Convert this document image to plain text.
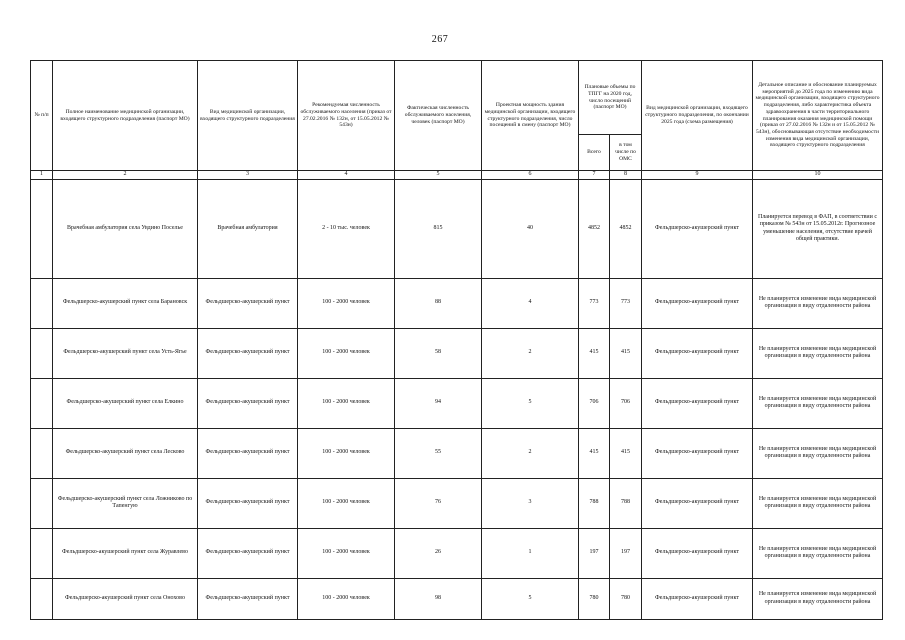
267
№ п/п	Полное наименование медицинской организации, входящего структурного подразделения (паспорт МО)	Вид медицинской организации, входящего структурного подразделения	Рекомендуемая численность обслуживаемого населения (приказ от 27.02.2016 № 132н, от 15.05.2012 № 543н)	Фактическая численность обслуживаемого населения, человек (паспорт МО)	Проектная мощность здания медицинской организации, входящего структурного подразделения, число посещений в смену (паспорт МО)	Плановые объемы по ТПГГ на 2020 год, число посещений (паспорт МО)		Вид медицинской организации, входящего структурного подразделения, по окончании 2025 года (схема размещения)	Детальное описание и обоснование планируемых мероприятий до 2025 года по изменению вида медицинской организации, входящего структурного подразделения, либо характеристика объекта здравоохранения в части территориального планирования оказания медицинской помощи (приказ от 27.02.2016 № 132н и от 15.05.2012 № 543н), обосновывающая отсутствие необходимости изменения вида медицинской организации, входящего структурного подразделения
						Всего	в том числе по ОМС		
1	2	3	4	5	6	7	8	9	10
	Врачебная амбулатория села Увдино Поселье	Врачебная амбулатория	2 - 10 тыс. человек	815	40	4852	4852	Фельдшерско-акушерский пункт	Планируется перевод в ФАП, в соответствии с приказом № 543н от 15.05.2012г. Прогнозное уменьшение населения, отсутствие врачей общей практики.
	Фельдшерско-акушерский пункт села Барановск	Фельдшерско-акушерский пункт	100 - 2000 человек	88	4	773	773	Фельдшерско-акушерский пункт	Не планируется изменение вида медицинской организации в виду отдаленности района
	Фельдшерско-акушерский пункт села Усть-Ягье	Фельдшерско-акушерский пункт	100 - 2000 человек	58	2	415	415	Фельдшерско-акушерский пункт	Не планируется изменение вида медицинской организации в виду отдаленности района
	Фельдшерско-акушерский пункт села Елкино	Фельдшерско-акушерский пункт	100 - 2000 человек	94	5	706	706	Фельдшерско-акушерский пункт	Не планируется изменение вида медицинской организации в виду отдаленности района
	Фельдшерско-акушерский пункт села Лесково	Фельдшерско-акушерский пункт	100 - 2000 человек	55	2	415	415	Фельдшерско-акушерский пункт	Не планируется изменение вида медицинской организации в виду отдаленности района
	Фельдшерско-акушерский пункт села Ложниково по Тапенгую	Фельдшерско-акушерский пункт	100 - 2000 человек	76	3	788	788	Фельдшерско-акушерский пункт	Не планируется изменение вида медицинской организации в виду отдаленности района
	Фельдшерско-акушерский пункт села Журавлево	Фельдшерско-акушерский пункт	100 - 2000 человек	26	1	197	197	Фельдшерско-акушерский пункт	Не планируется изменение вида медицинской организации в виду отдаленности района
	Фельдшерско-акушерский пункт села Онохово	Фельдшерско-акушерский пункт	100 - 2000 человек	98	5	780	780	Фельдшерско-акушерский пункт	Не планируется изменение вида медицинской организации в виду отдаленности района
